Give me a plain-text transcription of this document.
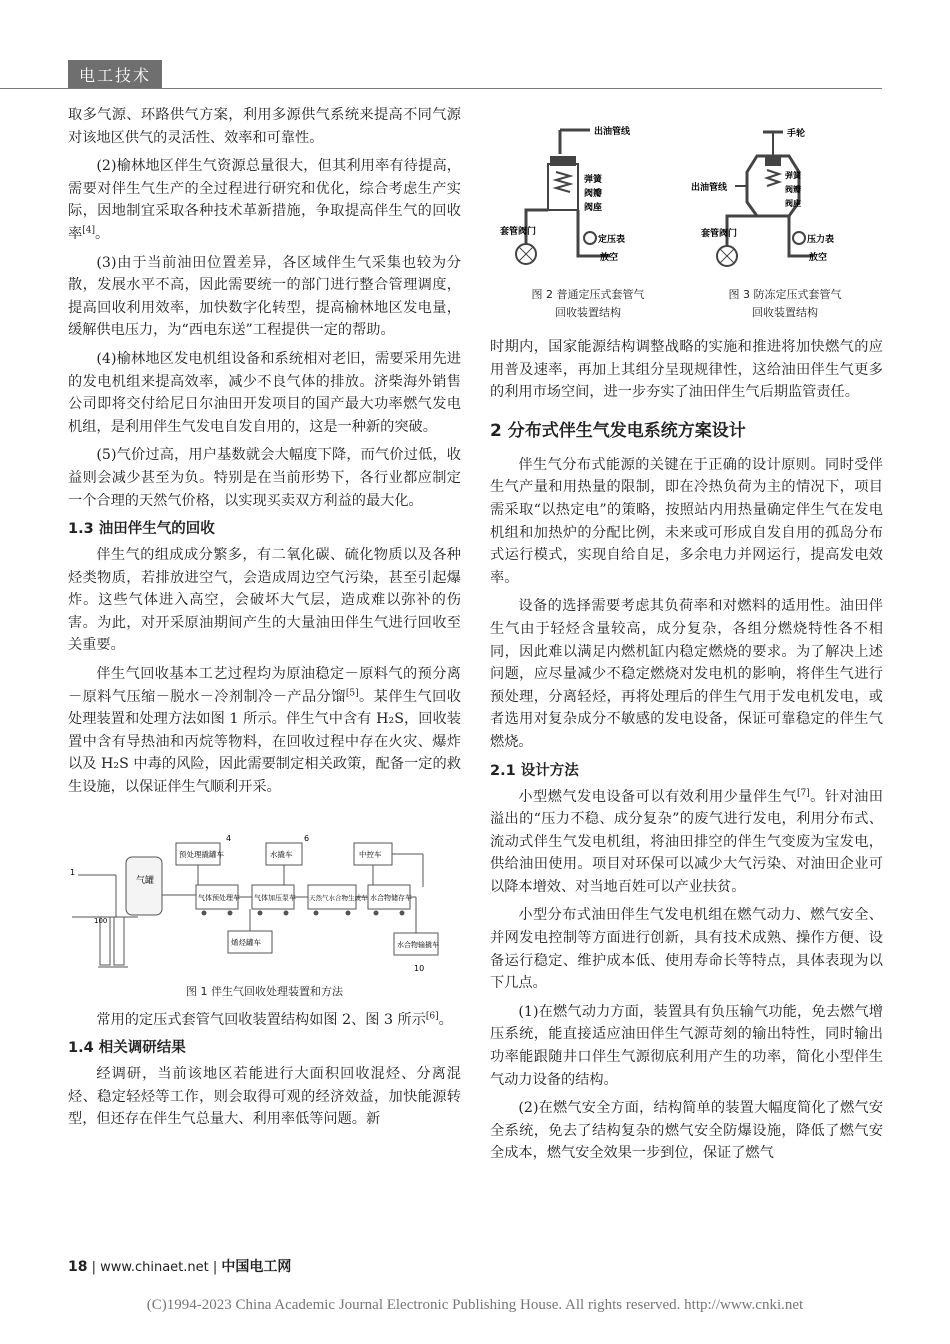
电工技术

取多气源、环路供气方案，利用多源供气系统来提高不同气源对该地区供气的灵活性、效率和可靠性。

(2)榆林地区伴生气资源总量很大，但其利用率有待提高，需要对伴生气生产的全过程进行研究和优化，综合考虑生产实际，因地制宜采取各种技术革新措施，争取提高伴生气的回收率[4]。

(3)由于当前油田位置差异，各区域伴生气采集也较为分散，发展水平不高，因此需要统一的部门进行整合管理调度，提高回收利用效率，加快数字化转型，提高榆林地区发电量，缓解供电压力，为“西电东送”工程提供一定的帮助。

(4)榆林地区发电机组设备和系统相对老旧，需要采用先进的发电机组来提高效率，减少不良气体的排放。济柴海外销售公司即将交付给尼日尔油田开发项目的国产最大功率燃气发电机组，是利用伴生气发电自发自用的，这是一种新的突破。

(5)气价过高，用户基数就会大幅度下降，而气价过低，收益则会减少甚至为负。特别是在当前形势下，各行业都应制定一个合理的天然气价格，以实现买卖双方利益的最大化。

1.3 油田伴生气的回收

伴生气的组成成分繁多，有二氧化碳、硫化物质以及各种烃类物质，若排放进空气，会造成周边空气污染，甚至引起爆炸。这些气体进入高空，会破坏大气层，造成难以弥补的伤害。为此，对开采原油期间产生的大量油田伴生气进行回收至关重要。

伴生气回收基本工艺过程均为原油稳定－原料气的预分离－原料气压缩－脱水－冷剂制冷－产品分馏[5]。某伴生气回收处理装置和处理方法如图 1 所示。伴生气中含有 H₂S，回收装置中含有导热油和丙烷等物料，在回收过程中存在火灾、爆炸以及 H₂S 中毒的风险，因此需要制定相关政策，配备一定的救生设施，以保证伴生气顺利开采。

气罐
预处理撬罐车	水撬车	中控车
气体预处理车 气体加压泵车 天然气水合物生成车 水合物储存车
烯烃罐车	水合物输撬车
1
4	6
10
100
图 1 伴生气回收处理装置和方法

常用的定压式套管气回收装置结构如图 2、图 3 所示[6]。

1.4 相关调研结果

经调研，当前该地区若能进行大面积回收混烃、分离混烃、稳定轻烃等工作，则会取得可观的经济效益，加快能源转型，但还存在伴生气总量大、利用率低等问题。新

出油管线
弹簧
阀瓣
阀座
套管阀门
定压表
放空
图 2 普通定压式套管气
回收装置结构
手轮
弹簧
阀瓣
阀座
出油管线
套管阀门
压力表
放空
图 3 防冻定压式套管气
回收装置结构

时期内，国家能源结构调整战略的实施和推进将加快燃气的应用普及速率，再加上其组分呈现规律性，这给油田伴生气更多的利用市场空间，进一步夯实了油田伴生气后期监管责任。

2 分布式伴生气发电系统方案设计

伴生气分布式能源的关键在于正确的设计原则。同时受伴生气产量和用热量的限制，即在冷热负荷为主的情况下，项目需采取“以热定电”的策略，按照站内用热量确定伴生气在发电机组和加热炉的分配比例，未来或可形成自发自用的孤岛分布式运行模式，实现自给自足，多余电力并网运行，提高发电效率。

设备的选择需要考虑其负荷率和对燃料的适用性。油田伴生气由于轻烃含量较高，成分复杂，各组分燃烧特性各不相同，因此难以满足内燃机缸内稳定燃烧的要求。为了解决上述问题，应尽量减少不稳定燃烧对发电机的影响，将伴生气进行预处理，分离轻烃，再将处理后的伴生气用于发电机发电，或者选用对复杂成分不敏感的发电设备，保证可靠稳定的伴生气燃烧。

2.1 设计方法

小型燃气发电设备可以有效利用少量伴生气[7]。针对油田溢出的“压力不稳、成分复杂”的废气进行发电，利用分布式、流动式伴生气发电机组，将油田排空的伴生气变废为宝发电，供给油田使用。项目对环保可以减少大气污染、对油田企业可以降本增效、对当地百姓可以产业扶贫。

小型分布式油田伴生气发电机组在燃气动力、燃气安全、并网发电控制等方面进行创新，具有技术成熟、操作方便、设备运行稳定、维护成本低、使用寿命长等特点，具体表现为以下几点。

(1)在燃气动力方面，装置具有负压输气功能，免去燃气增压系统，能直接适应油田伴生气源苛刻的输出特性，同时输出功率能跟随井口伴生气源彻底利用产生的功率，简化小型伴生气动力设备的结构。

(2)在燃气安全方面，结构简单的装置大幅度简化了燃气安全系统，免去了结构复杂的燃气安全防爆设施，降低了燃气安全成本，燃气安全效果一步到位，保证了燃气

18 | www.chinaet.net | 中国电工网
(C)1994-2023 China Academic Journal Electronic Publishing House. All rights reserved. http://www.cnki.net
